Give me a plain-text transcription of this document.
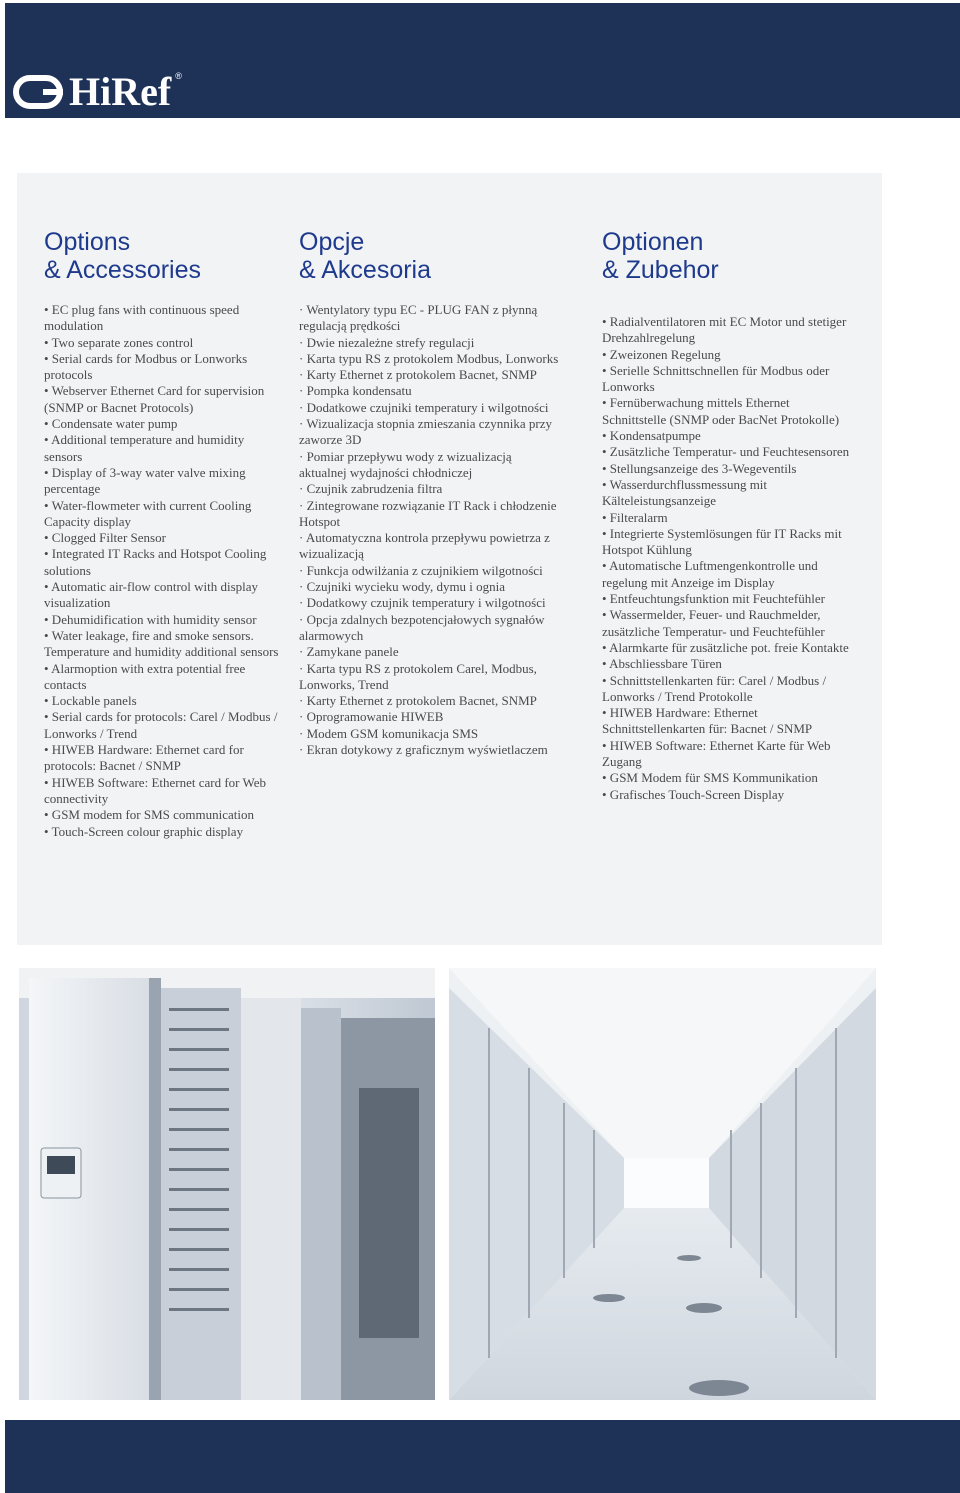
HiRef ®
Options
& Accessories
• EC plug fans with continuous speed modulation
• Two separate zones control
• Serial cards for Modbus or Lonworks protocols
• Webserver Ethernet Card for supervision (SNMP or Bacnet Protocols)
• Condensate water pump
• Additional temperature and humidity sensors
• Display of 3-way water valve mixing percentage
• Water-flowmeter with current Cooling Capacity display
• Clogged Filter Sensor
• Integrated IT Racks and Hotspot Cooling solutions
• Automatic air-flow control with display visualization
• Dehumidification with humidity sensor
• Water leakage, fire and smoke sensors. Temperature and humidity additional sensors
• Alarmoption with extra potential free contacts
• Lockable panels
• Serial cards for protocols: Carel / Modbus / Lonworks / Trend
• HIWEB Hardware: Ethernet card for protocols: Bacnet / SNMP
• HIWEB Software: Ethernet card for Web connectivity
• GSM modem for SMS communication
• Touch-Screen colour graphic display
Opcje
& Akcesoria
· Wentylatory typu EC - PLUG FAN z płynną regulacją prędkości
· Dwie niezależne strefy regulacji
· Karta typu RS z protokolem Modbus, Lonworks
· Karty Ethernet z protokolem Bacnet, SNMP
· Pompka kondensatu
· Dodatkowe czujniki temperatury i wilgotności
· Wizualizacja stopnia zmieszania czynnika przy zaworze 3D
· Pomiar przepływu wody z wizualizacją aktualnej wydajności chłodniczej
· Czujnik zabrudzenia filtra
· Zintegrowane rozwiązanie IT Rack i chłodzenie Hotspot
· Automatyczna kontrola przepływu powietrza z wizualizacją
· Funkcja odwilżania z czujnikiem wilgotności
· Czujniki wycieku wody, dymu i ognia
· Dodatkowy czujnik temperatury i wilgotności
· Opcja zdalnych bezpotencjałowych sygnałów alarmowych
· Zamykane panele
· Karta typu RS z protokolem Carel, Modbus, Lonworks, Trend
· Karty Ethernet z protokolem Bacnet, SNMP
· Oprogramowanie HIWEB
· Modem GSM komunikacja SMS
· Ekran dotykowy z graficznym wyświetlaczem
Optionen
& Zubehor
• Radialventilatoren mit EC Motor und stetiger Drehzahlregelung
• Zweizonen Regelung
• Serielle Schnittschnellen für Modbus oder Lonworks
• Fernüberwachung mittels Ethernet Schnittstelle (SNMP oder BacNet Protokolle)
• Kondensatpumpe
• Zusätzliche Temperatur- und Feuchtesensoren
• Stellungsanzeige des 3-Wegeventils
• Wasserdurchflussmessung mit Kälteleistungsanzeige
• Filteralarm
• Integrierte Systemlösungen für IT Racks mit Hotspot Kühlung
• Automatische Luftmengenkontrolle und regelung mit Anzeige im Display
• Entfeuchtungsfunktion mit Feuchtefühler
• Wassermelder, Feuer- und Rauchmelder, zusätzliche Temperatur- und Feuchtefühler
• Alarmkarte für zusätzliche pot. freie Kontakte
• Abschliessbare Türen
• Schnittstellenkarten für: Carel / Modbus / Lonworks / Trend Protokolle
• HIWEB Hardware: Ethernet Schnittstellenkarten für: Bacnet / SNMP
• HIWEB Software: Ethernet Karte für Web Zugang
• GSM Modem für SMS Kommunikation
• Grafisches Touch-Screen Display
